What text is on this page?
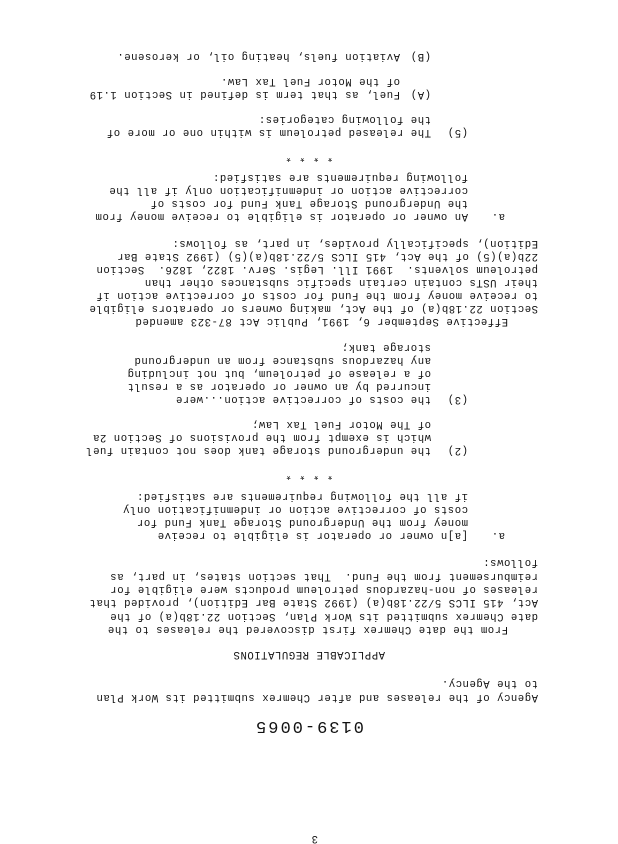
0139-0065
Agency of the releases and after Chemrex submitted its Work Plan
to the Agency.
APPLICABLE REGULATIONS
From the date Chemrex first discovered the releases to the
date Chemrex submitted its Work Plan, Section 22.18b(a) of the
Act, 415 ILCS 5/22.18b(a) (1992 State Bar Edition), provided that
releases of non-hazardous petroleum products were eligible for
reimbursement from the Fund.  That section states, in part, as
follows:
a.
[a]n owner or operator is eligible to receive
money from the Underground Storage Tank Fund for
costs of corrective action or indemnification only
if all the following requirements are satisfied:
* * * *
(2)
the underground storage tank does not contain fuel
which is exempt from the provisions of Section 2a
of The Motor Fuel Tax Law;
(3)
the costs of corrective action...were
incurred by an owner or operator as a result
of a release of petroleum, but not including
any hazardous substance from an underground
storage tank;
Effective September 6, 1991, Public Act 87-323 amended
Section 22.18b(a) of the Act, making owners or operators eligible
to receive money from the Fund for costs of corrective action if
their USTs contain certain specific substances other than
petroleum solvents.  1991 Ill. Legis. Serv. 1822, 1826.  Section
22b(a)(5) of the Act, 415 ILCS 5/22.18b(a)(5) (1992 State Bar
Edition), specifically provides, in part, as follows:
a.
An owner or operator is eligible to receive money from
the Underground Storage Tank Fund for costs of
corrective action or indemnification only if all the
following requirements are satisfied:
* * * *
(5)
The released petroleum is within one or more of
the following categories:
(A)
Fuel, as that term is defined in Section 1.19
of the Motor Fuel Tax Law.
(B)
Aviation fuels, heating oil, or kerosene.
3
